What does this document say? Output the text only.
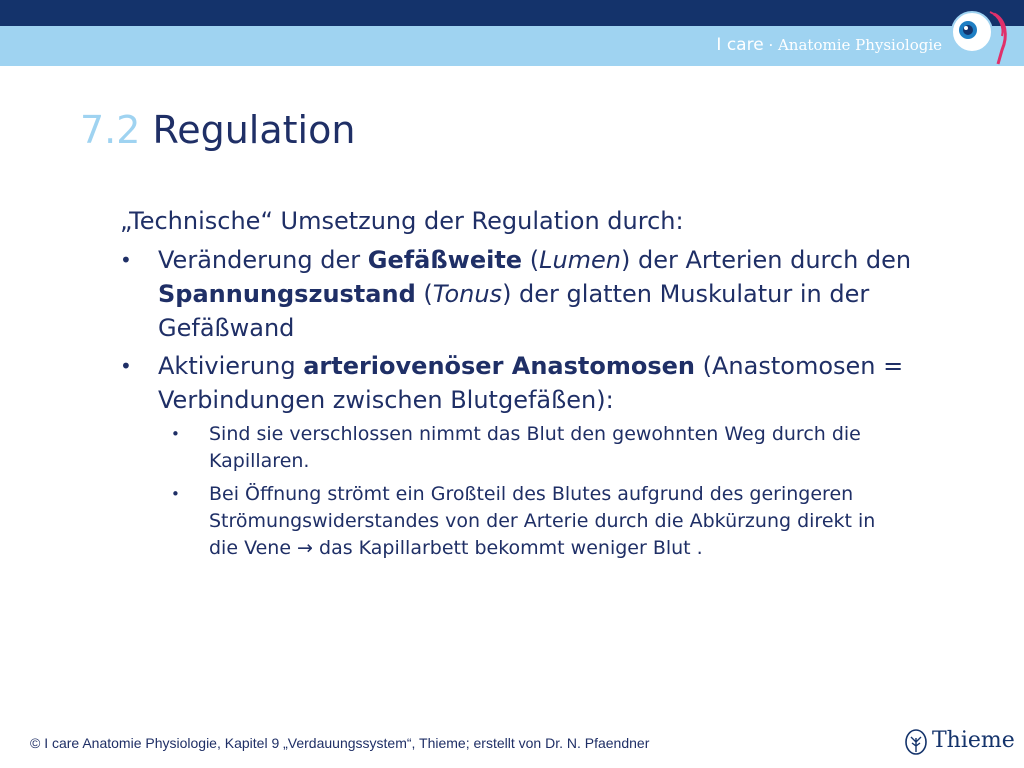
I care · Anatomie Physiologie
7.2 Regulation

„Technische“ Umsetzung der Regulation durch:

• Veränderung der Gefäßweite (Lumen) der Arterien durch den Spannungszustand (Tonus) der glatten Muskulatur in der Gefäßwand
• Aktivierung arteriovenöser Anastomosen (Anastomosen = Verbindungen zwischen Blutgefäßen):
• Sind sie verschlossen nimmt das Blut den gewohnten Weg durch die Kapillaren.
• Bei Öffnung strömt ein Großteil des Blutes aufgrund des geringeren Strömungswiderstandes von der Arterie durch die Abkürzung direkt in die Vene → das Kapillarbett bekommt weniger Blut .
© I care Anatomie Physiologie, Kapitel 9 „Verdauungssystem“, Thieme; erstellt von Dr. N. Pfaendner	Thieme
